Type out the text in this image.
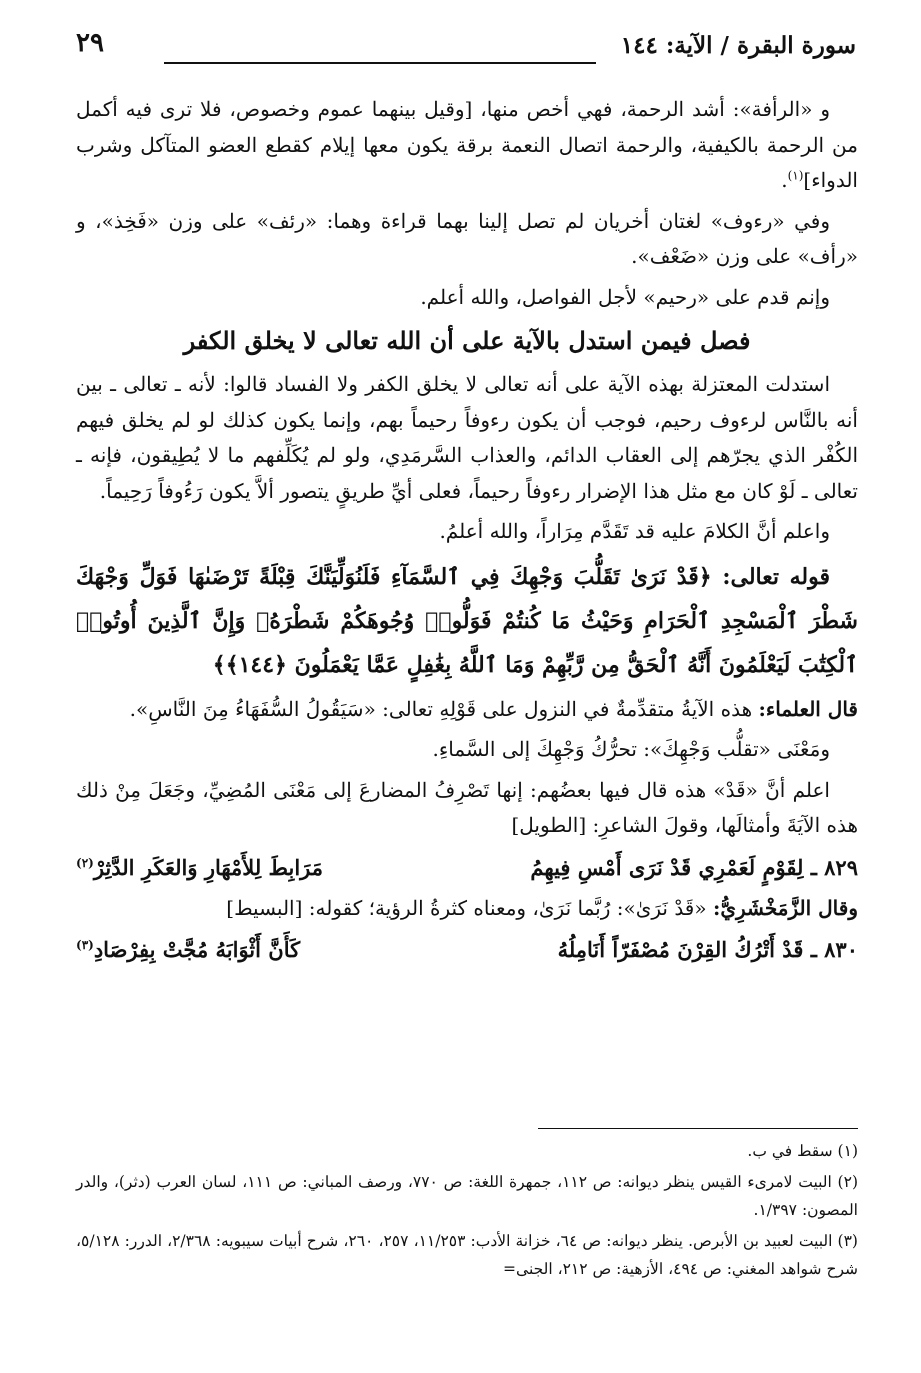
سورة البقرة / الآية: ١٤٤
٢٩

و «الرأفة»: أشد الرحمة، فهي أخص منها، [وقيل بينهما عموم وخصوص، فلا ترى فيه أكمل من الرحمة بالكيفية، والرحمة اتصال النعمة برقة يكون معها إيلام كقطع العضو المتآكل وشرب الدواء]$^{(١)}$.

وفي «رءوف» لغتان أخريان لم تصل إلينا بهما قراءة وهما: «رئف» على وزن «فَخِذ»، و «رأف» على وزن «ضَعْف».

وإنم قدم على «رحيم» لأجل الفواصل، والله أعلم.

فصل فيمن استدل بالآية على أن الله تعالى لا يخلق الكفر

استدلت المعتزلة بهذه الآية على أنه تعالى لا يخلق الكفر ولا الفساد قالوا: لأنه ـ تعالى ـ بين أنه بالنَّاس لرءوف رحيم، فوجب أن يكون رءوفاً رحيماً بهم، وإنما يكون كذلك لو لم يخلق فيهم الكُفْر الذي يجرّهم إلى العقاب الدائم، والعذاب السَّرمَدِي، ولو لم يُكَلِّفهم ما لا يُطِيقون، فإنه ـ تعالى ـ لَوْ كان مع مثل هذا الإضرار رءوفاً رحيماً، فعلى أيِّ طريقٍ يتصور ألاَّ يكون رَءُوفاً رَحِيماً.

واعلم أنَّ الكلامَ عليه قد تَقَدَّم مِرَاراً، والله أعلمُ.

قوله تعالى: ﴿قَدْ نَرَىٰ تَقَلُّبَ وَجْهِكَ فِي ٱلسَّمَآءِ فَلَنُوَلِّيَنَّكَ قِبْلَةً تَرْضَىٰهَا فَوَلِّ وَجْهَكَ شَطْرَ ٱلْمَسْجِدِ ٱلْحَرَامِ وَحَيْثُ مَا كُنتُمْ فَوَلُّوا۟ وُجُوهَكُمْ شَطْرَهُۥ وَإِنَّ ٱلَّذِينَ أُوتُوا۟ ٱلْكِتَٰبَ لَيَعْلَمُونَ أَنَّهُ ٱلْحَقُّ مِن رَّبِّهِمْ وَمَا ٱللَّهُ بِغَٰفِلٍ عَمَّا يَعْمَلُونَ ﴿١٤٤﴾﴾

قال العلماء: هذه الآيةُ متقدِّمةٌ في النزول على قَوْلِهِ تعالى: «سَيَقُولُ السُّفَهَاءُ مِنَ النَّاسِ».

ومَعْنَى «تقلُّب وَجْهِكَ»: تحرُّكُ وَجْهِكَ إلى السَّماءِ.

اعلم أنَّ «قَدْ» هذه قال فيها بعضُهم: إنها تَصْرِفُ المضارعَ إلى مَعْنَى المُضِيِّ، وجَعَلَ مِنْ ذلك هذه الآيَةَ وأمثالَها، وقولَ الشاعرِ: [الطويل]

٨٢٩ ـ لِقَوْمٍ لَعَمْرِي قَدْ نَرَى أَمْسِ فِيهِمُ
مَرَابِطَ لِلأَمْهَارِ وَالعَكَرِ الدَّثِرْ$^{(٢)}$

وقال الزَّمَخْشَرِيُّ: «قَدْ نَرَىٰ»: رُبَّما نَرَىٰ، ومعناه كثرةُ الرؤية؛ كقوله: [البسيط]

٨٣٠ ـ قَدْ أَتْرُكُ القِرْنَ مُصْفَرّاً أَنَامِلُهُ
كَأَنَّ أَثْوَابَهُ مُجَّتْ بِفِرْصَادِ$^{(٣)}$

(١) سقط في ب.

(٢) البيت لامرىء القيس ينظر ديوانه: ص ١١٢، جمهرة اللغة: ص ٧٧٠، ورصف المباني: ص ١١١، لسان العرب (دثر)، والدر المصون: ١/٣٩٧.

(٣) البيت لعبيد بن الأبرص. ينظر ديوانه: ص ٦٤، خزانة الأدب: ١١/٢٥٣، ٢٥٧، ٢٦٠، شرح أبيات سيبويه: ٢/٣٦٨، الدرر: ٥/١٢٨، شرح شواهد المغني: ص ٤٩٤، الأزهية: ص ٢١٢، الجنى=
